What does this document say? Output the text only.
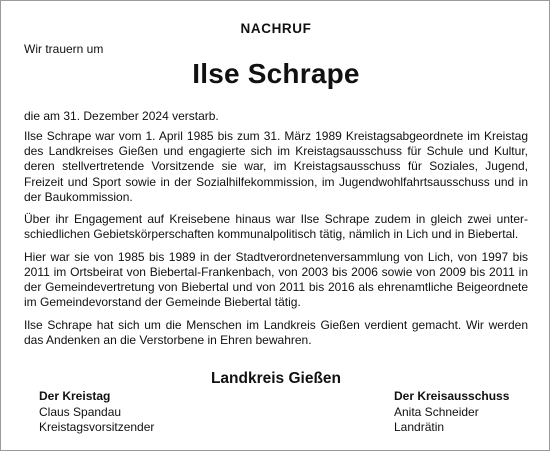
NACHRUF
Wir trauern um
Ilse Schrape
die am 31. Dezember 2024 verstarb.

Ilse Schrape war vom 1. April 1985 bis zum 31. März 1989 Kreistagsabgeordnete im Kreistag des Landkreises Gießen und engagierte sich im Kreistagsausschuss für Schule und Kultur, deren stellvertretende Vorsitzende sie war, im Kreistagsausschuss für Soziales, Jugend, Freizeit und Sport sowie in der Sozialhilfekommission, im Jugendwohlfahrtsausschuss und in der Baukommission.

Über ihr Engagement auf Kreisebene hinaus war Ilse Schrape zudem in gleich zwei unterschiedlichen Gebietskörperschaften kommunalpolitisch tätig, nämlich in Lich und in Biebertal.

Hier war sie von 1985 bis 1989 in der Stadtverordnetenversammlung von Lich, von 1997 bis 2011 im Ortsbeirat von Biebertal-Frankenbach, von 2003 bis 2006 sowie von 2009 bis 2011 in der Gemeindevertretung von Biebertal und von 2011 bis 2016 als ehrenamtliche Beigeordnete im Gemeindevorstand der Gemeinde Biebertal tätig.

Ilse Schrape hat sich um die Menschen im Landkreis Gießen verdient gemacht. Wir werden das Andenken an die Verstorbene in Ehren bewahren.

Landkreis Gießen
Der Kreistag
Claus Spandau
Kreistagsvorsitzender
Der Kreisausschuss
Anita Schneider
Landrätin
